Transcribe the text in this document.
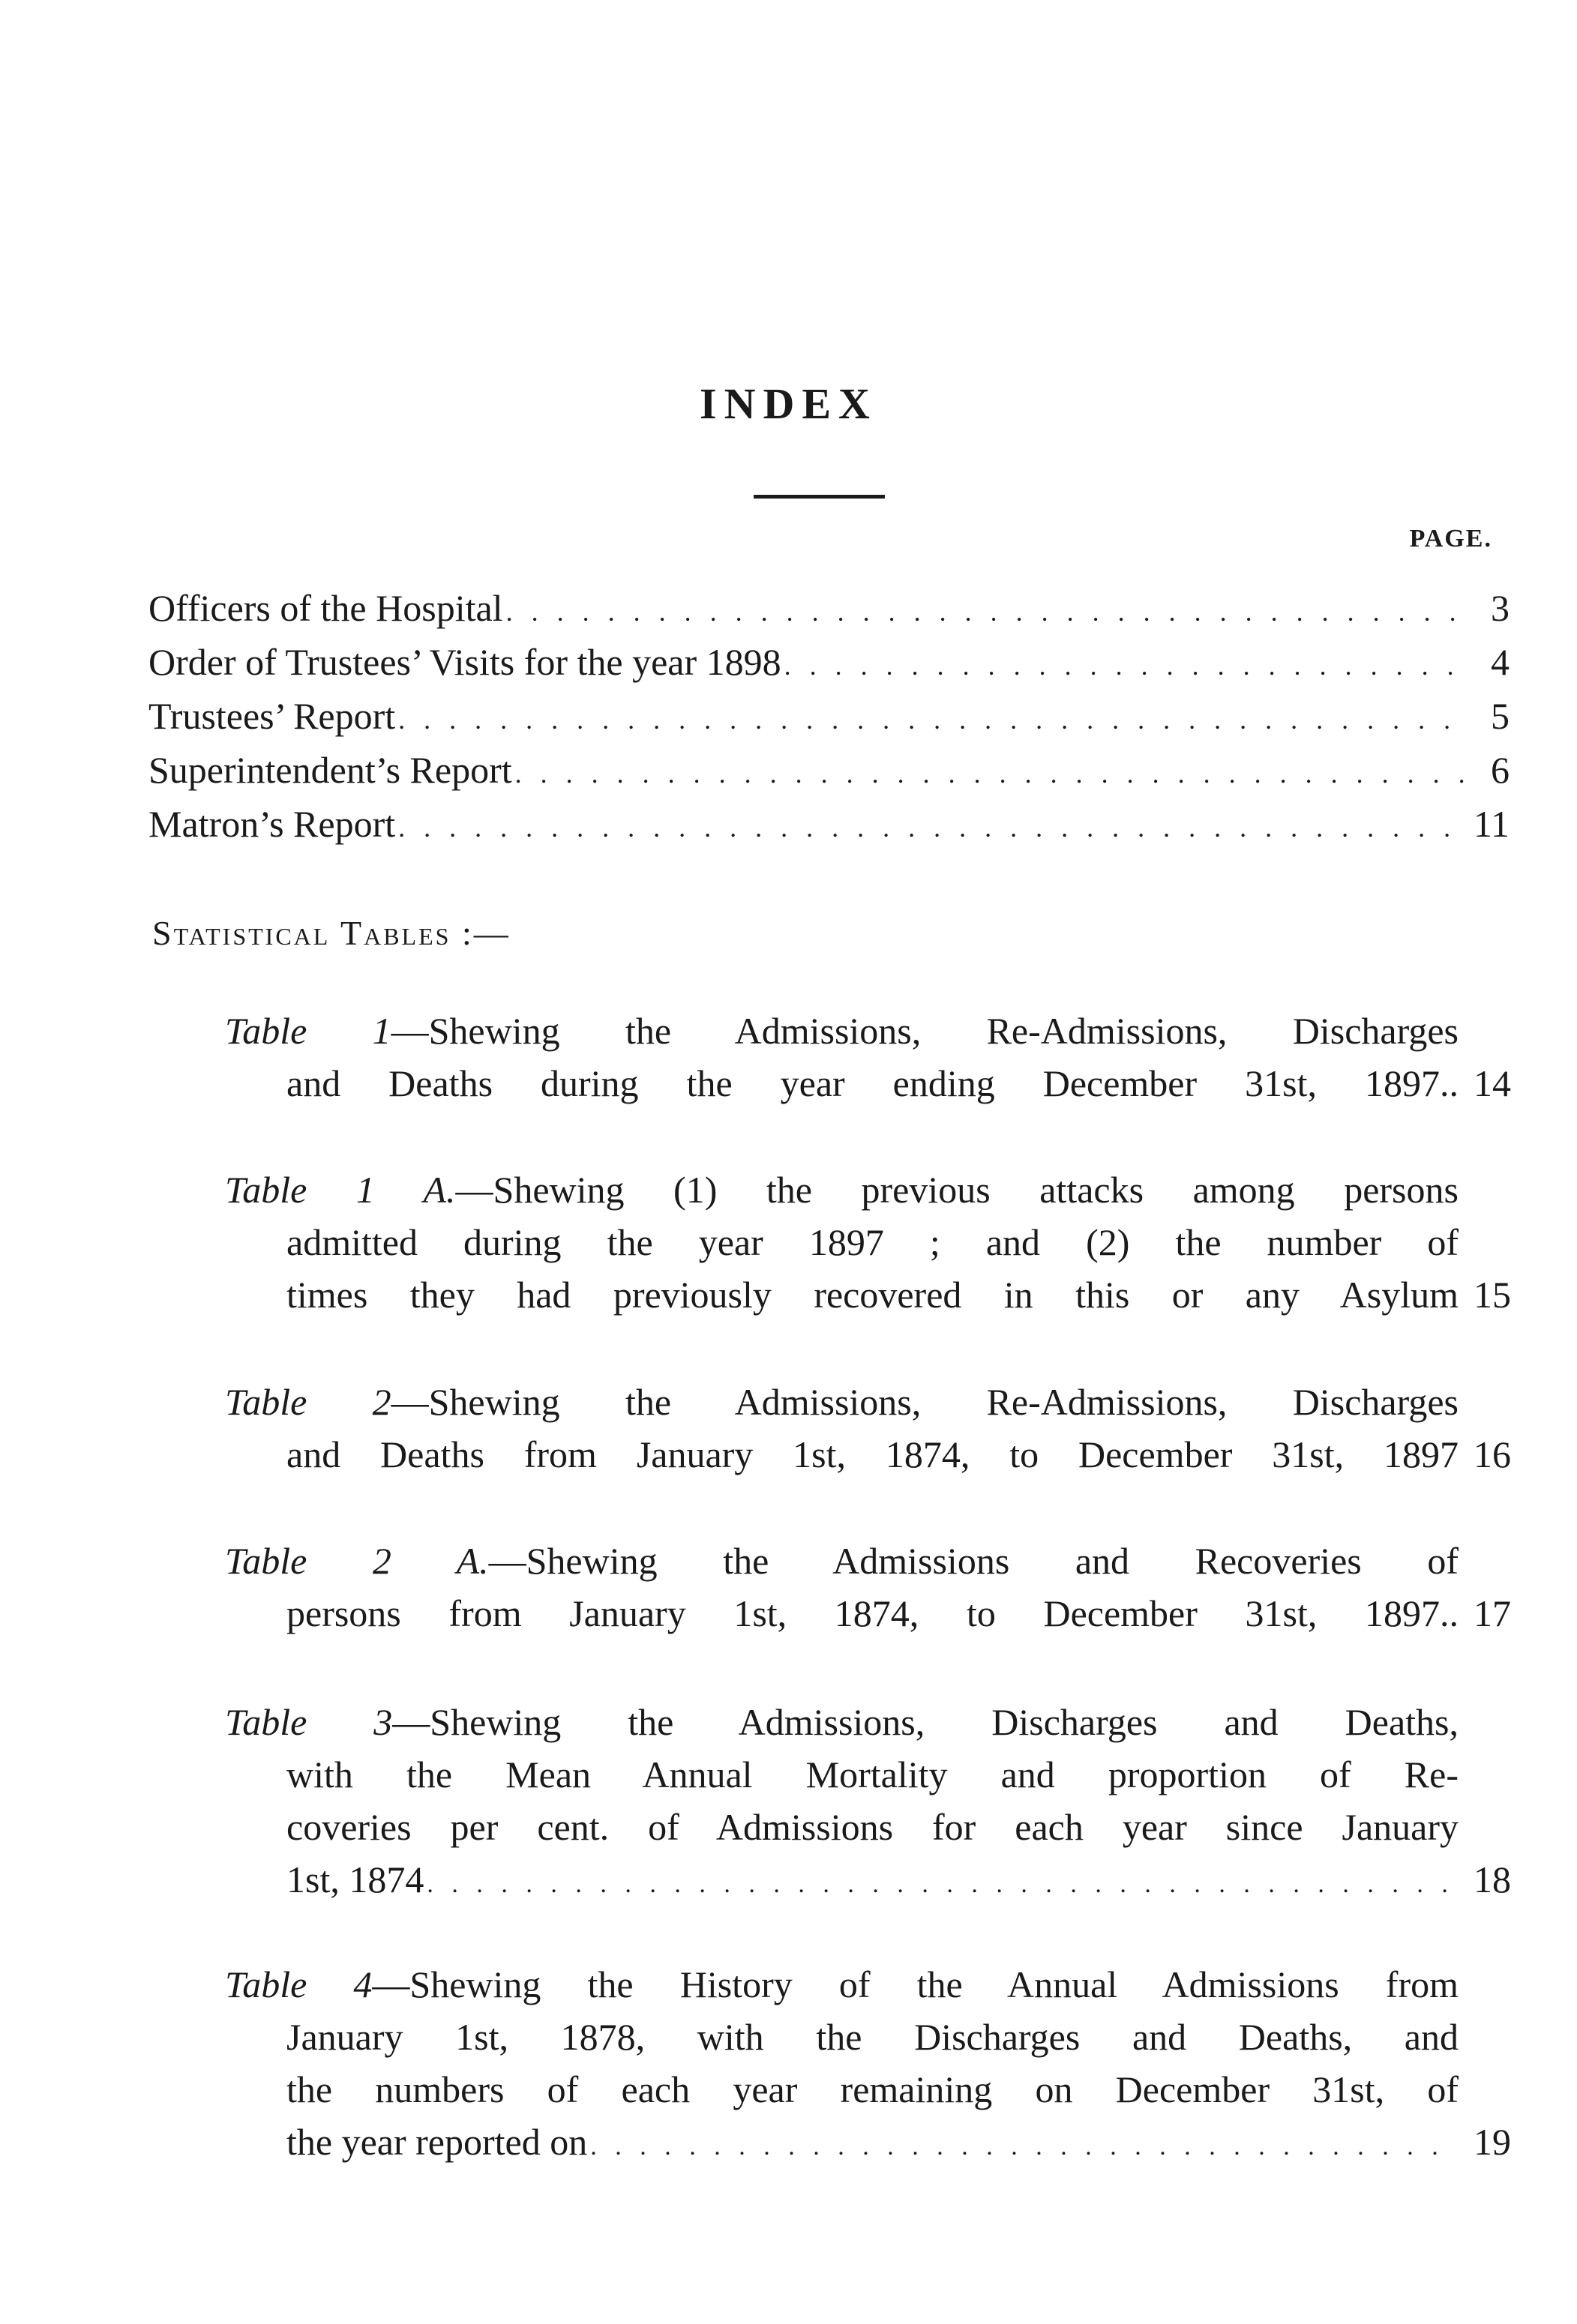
INDEX
PAGE.
Officers of the Hospital . . .	3
Order of Trustees’ Visits for the year 1898 . . .	4
Trustees’ Report . . .	5
Superintendent’s Report . . .	6
Matron’s Report . . .	11
Statistical Tables :—
Table 1—Shewing the Admissions, Re-Admissions, Discharges
and Deaths during the year ending December 31st, 1897.. 14
Table 1 A.—Shewing (1) the previous attacks among persons
admitted during the year 1897 ; and (2) the number of
times they had previously recovered in this or any Asylum 15
Table 2—Shewing the Admissions, Re-Admissions, Discharges
and Deaths from January 1st, 1874, to December 31st, 1897 16
Table 2 A.—Shewing the Admissions and Recoveries of
persons from January 1st, 1874, to December 31st, 1897.. 17
Table 3—Shewing the Admissions, Discharges and Deaths,
with the Mean Annual Mortality and proportion of Re-
coveries per cent. of Admissions for each year since January
1st, 1874 . . .	18
Table 4—Shewing the History of the Annual Admissions from
January 1st, 1878, with the Discharges and Deaths, and
the numbers of each year remaining on December 31st, of
the year reported on . . .	19
